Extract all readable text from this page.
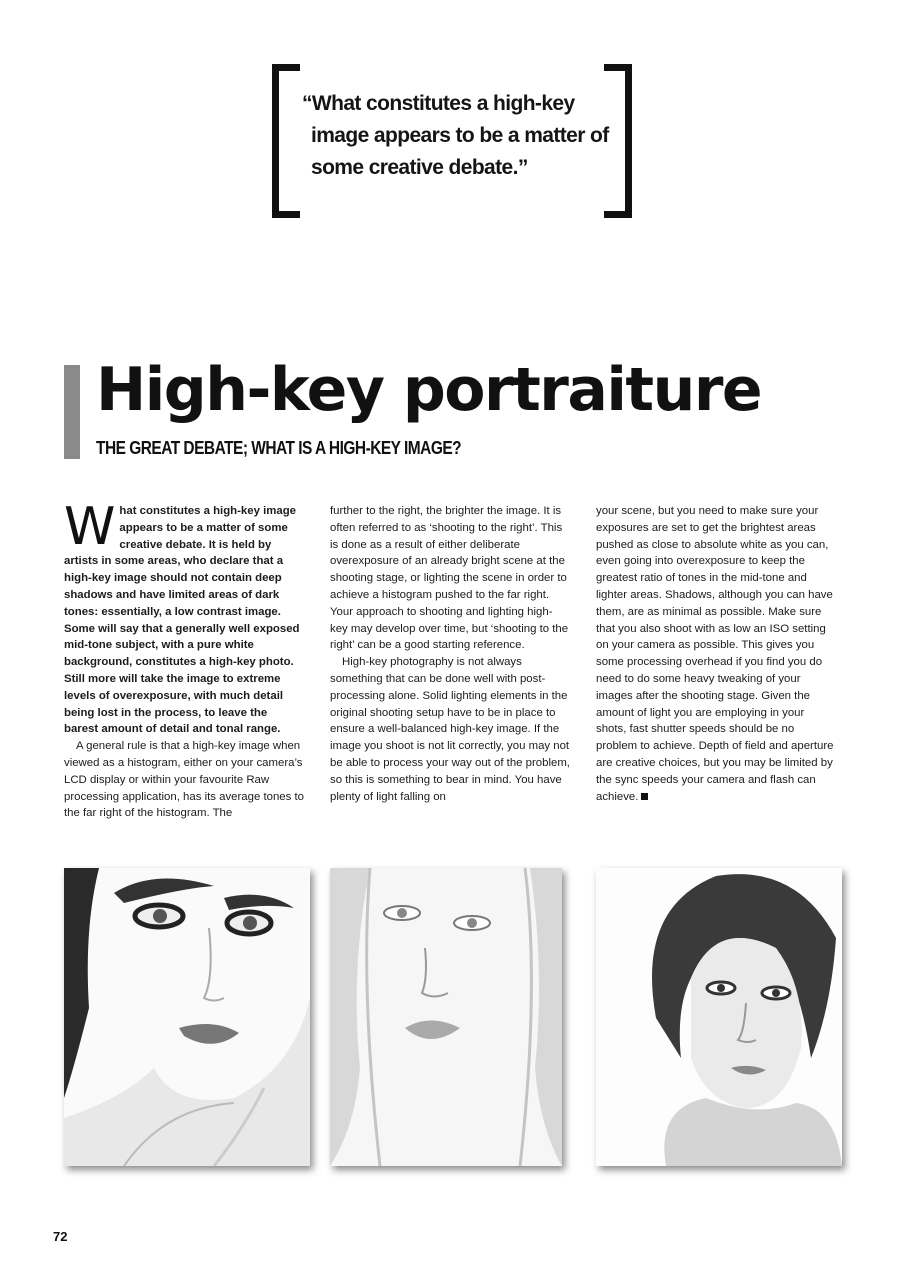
“What constitutes a high-key image appears to be a matter of some creative debate.”
High-key portraiture
THE GREAT DEBATE; WHAT IS A HIGH-KEY IMAGE?

What constitutes a high-key image appears to be a matter of some creative debate. It is held by artists in some areas, who declare that a high-key image should not contain deep shadows and have limited areas of dark tones: essentially, a low contrast image. Some will say that a generally well exposed mid-tone subject, with a pure white background, constitutes a high-key photo. Still more will take the image to extreme levels of overexposure, with much detail being lost in the process, to leave the barest amount of detail and tonal range.

A general rule is that a high-key image when viewed as a histogram, either on your camera’s LCD display or within your favourite Raw processing application, has its average tones to the far right of the histogram. The

further to the right, the brighter the image. It is often referred to as ‘shooting to the right’. This is done as a result of either deliberate overexposure of an already bright scene at the shooting stage, or lighting the scene in order to achieve a histogram pushed to the far right. Your approach to shooting and lighting high-key may develop over time, but ‘shooting to the right’ can be a good starting reference.

High-key photography is not always something that can be done well with post-processing alone. Solid lighting elements in the original shooting setup have to be in place to ensure a well-balanced high-key image. If the image you shoot is not lit correctly, you may not be able to process your way out of the problem, so this is something to bear in mind. You have plenty of light falling on

your scene, but you need to make sure your exposures are set to get the brightest areas pushed as close to absolute white as you can, even going into overexposure to keep the greatest ratio of tones in the mid-tone and lighter areas. Shadows, although you can have them, are as minimal as possible. Make sure that you also shoot with as low an ISO setting on your camera as possible. This gives you some processing overhead if you find you do need to do some heavy tweaking of your images after the shooting stage. Given the amount of light you are employing in your shots, fast shutter speeds should be no problem to achieve. Depth of field and aperture are creative choices, but you may be limited by the sync speeds your camera and flash can achieve.

72
